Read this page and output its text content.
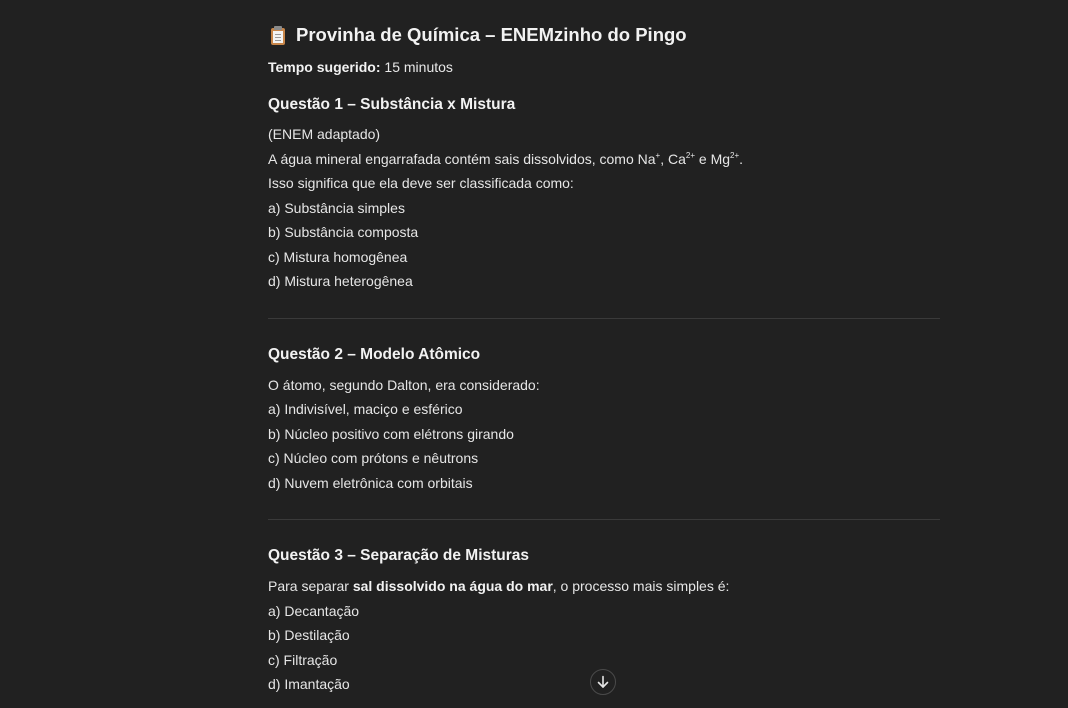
Provinha de Química – ENEMzinho do Pingo
Tempo sugerido: 15 minutos
Questão 1 – Substância x Mistura
(ENEM adaptado)
A água mineral engarrafada contém sais dissolvidos, como Na+, $Ca^{2+}$ e $Mg^{2+}$.
Isso significa que ela deve ser classificada como:
a) Substância simples
b) Substância composta
c) Mistura homogênea
d) Mistura heterogênea
Questão 2 – Modelo Atômico
O átomo, segundo Dalton, era considerado:
a) Indivisível, maciço e esférico
b) Núcleo positivo com elétrons girando
c) Núcleo com prótons e nêutrons
d) Nuvem eletrônica com orbitais
Questão 3 – Separação de Misturas
Para separar sal dissolvido na água do mar, o processo mais simples é:
a) Decantação
b) Destilação
c) Filtração
d) Imantação
